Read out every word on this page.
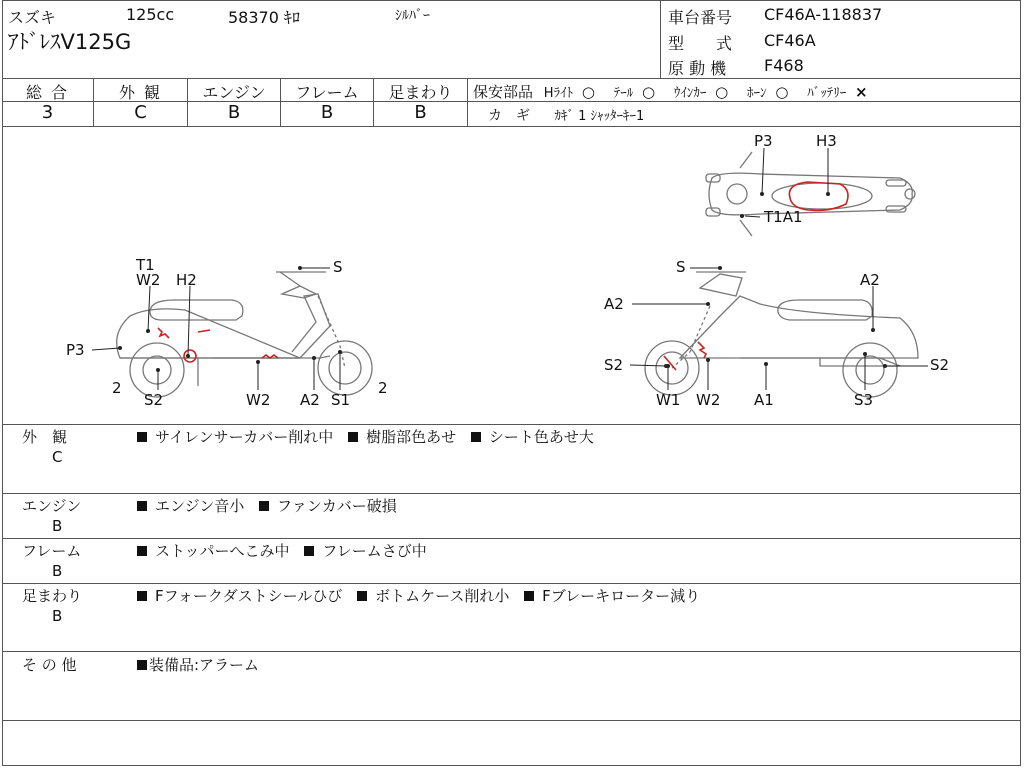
スズキ	125cc	58370 ｷﾛ	ｼﾙﾊﾞｰ
ｱﾄﾞﾚｽV125G
車台番号 CF46A-118837
型　　式 CF46A
原 動 機 F468
総 合	外 観	エンジン	フレーム	足まわり
3	C	B	B	B
保安部品 Hﾗｲﾄ ○ ﾃｰﾙ ○ ｳｲﾝｶｰ ○ ﾎｰﾝ ○ ﾊﾞｯﾃﾘｰ ×
カ　ギ ｶｷﾞ 1 ｼｬｯﾀｰｷｰ1
P3	H3
T1A1
T1
W2 H2
S
P3
2
S2	W2 A2 S1
2
S
A2
A2
S2	S2
W1 W2 A1	S3
外　観
C
サイレンサーカバー削れ中 樹脂部色あせ シート色あせ大
エンジン
B
エンジン音小 ファンカバー破損
フレーム
B
ストッパーへこみ中 フレームさび中
足まわり
B
Fフォークダストシールひび ボトムケース削れ小 Fブレーキローター減り
そ の 他	装備品:アラーム
